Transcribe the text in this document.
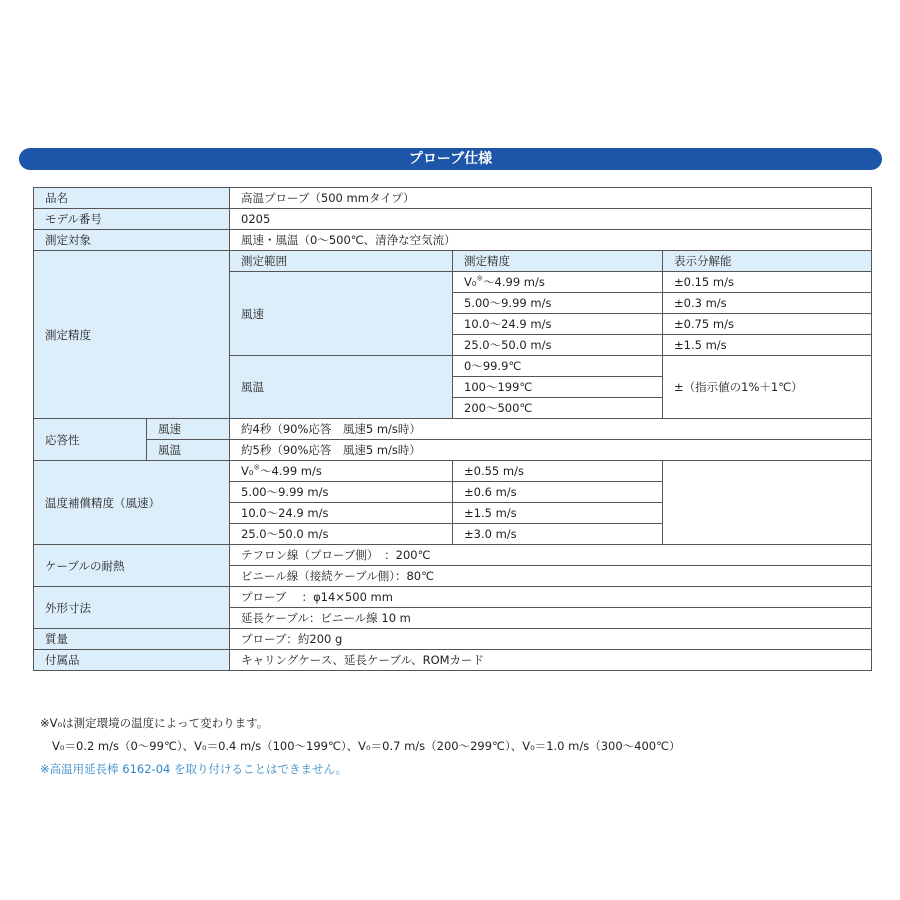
プローブ仕様
品名		高温プローブ（500 mmタイプ）			
モデル番号		0205			
測定対象		風速・風温（0～500℃、清浄な空気流）			
測定精度		測定範囲	測定精度	表示分解能	
		風速	V0※～4.99 m/s	±0.15 m/s	
			5.00～9.99 m/s	±0.3 m/s	
			10.0～24.9 m/s	±0.75 m/s	
			25.0～50.0 m/s	±1.5 m/s	
		風温	0～99.9℃	±（指示値の1%＋1℃）	
			100～199℃	
			200～500℃		
応答性	風速	約4秒（90%応答　風速5 m/s時）			
	風温	約5秒（90%応答　風速5 m/s時）			
温度補償精度（風速）		V0※～4.99 m/s	±0.55 m/s		
		5.00～9.99 m/s	±0.6 m/s		
		10.0～24.9 m/s	±1.5 m/s		
		25.0～50.0 m/s	±3.0 m/s		
ケーブルの耐熱		テフロン線（プローブ側）　：200℃			
		ビニール線（接続ケーブル側）：80℃			
外形寸法		プローブ　 ：φ14×500 mm			
		延長ケーブル：ビニール線 10 m			
質量		プローブ：約200 g			
付属品		キャリングケース、延長ケーブル、ROMカード			
※V₀は測定環境の温度によって変わります。
V₀＝0.2 m/s（0～99℃）、V₀＝0.4 m/s（100～199℃）、V₀＝0.7 m/s（200～299℃）、V₀＝1.0 m/s（300～400℃）
※高温用延長棒 6162-04 を取り付けることはできません。
